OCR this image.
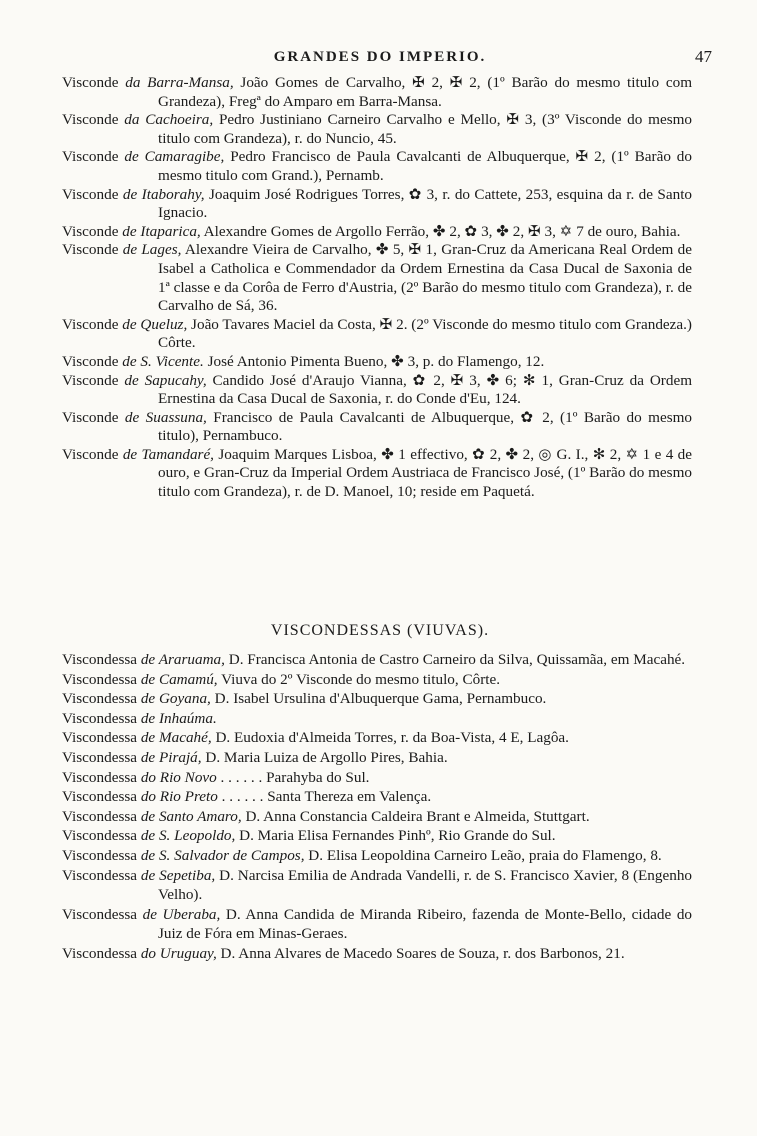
GRANDES DO IMPERIO.	47

Visconde da Barra-Mansa, João Gomes de Carvalho, ✠ 2, ✠ 2, (1º Barão do mesmo titulo com Grandeza), Fregª do Amparo em Barra-Mansa.

Visconde da Cachoeira, Pedro Justiniano Carneiro Carvalho e Mello, ✠ 3, (3º Visconde do mesmo titulo com Grandeza), r. do Nuncio, 45.

Visconde de Camaragibe, Pedro Francisco de Paula Cavalcanti de Albuquerque, ✠ 2, (1º Barão do mesmo titulo com Grand.), Pernamb.

Visconde de Itaborahy, Joaquim José Rodrigues Torres, ✿ 3, r. do Cattete, 253, esquina da r. de Santo Ignacio.

Visconde de Itaparica, Alexandre Gomes de Argollo Ferrão, ✤ 2, ✿ 3, ✤ 2, ✠ 3, ✡ 7 de ouro, Bahia.

Visconde de Lages, Alexandre Vieira de Carvalho, ✤ 5, ✠ 1, Gran-Cruz da Americana Real Ordem de Isabel a Catholica e Commendador da Ordem Ernestina da Casa Ducal de Saxonia de 1ª classe e da Corôa de Ferro d'Austria, (2º Barão do mesmo titulo com Grandeza), r. de Carvalho de Sá, 36.

Visconde de Queluz, João Tavares Maciel da Costa, ✠ 2. (2º Visconde do mesmo titulo com Grandeza.) Côrte.

Visconde de S. Vicente. José Antonio Pimenta Bueno, ✤ 3, p. do Flamengo, 12.

Visconde de Sapucahy, Candido José d'Araujo Vianna, ✿ 2, ✠ 3, ✤ 6; ✻ 1, Gran-Cruz da Ordem Ernestina da Casa Ducal de Saxonia, r. do Conde d'Eu, 124.

Visconde de Suassuna, Francisco de Paula Cavalcanti de Albuquerque, ✿ 2, (1º Barão do mesmo titulo), Pernambuco.

Visconde de Tamandaré, Joaquim Marques Lisboa, ✤ 1 effectivo, ✿ 2, ✤ 2, ◎ G. I., ✻ 2, ✡ 1 e 4 de ouro, e Gran-Cruz da Imperial Ordem Austriaca de Francisco José, (1º Barão do mesmo titulo com Grandeza), r. de D. Manoel, 10; reside em Paquetá.

VISCONDESSAS (VIUVAS).

Viscondessa de Araruama, D. Francisca Antonia de Castro Carneiro da Silva, Quissamãa, em Macahé.

Viscondessa de Camamú, Viuva do 2º Visconde do mesmo titulo, Côrte.

Viscondessa de Goyana, D. Isabel Ursulina d'Albuquerque Gama, Pernambuco.

Viscondessa de Inhaúma.

Viscondessa de Macahé, D. Eudoxia d'Almeida Torres, r. da Boa-Vista, 4 E, Lagôa.

Viscondessa de Pirajá, D. Maria Luiza de Argollo Pires, Bahia.

Viscondessa do Rio Novo . . . . . . Parahyba do Sul.

Viscondessa do Rio Preto . . . . . . Santa Thereza em Valença.

Viscondessa de Santo Amaro, D. Anna Constancia Caldeira Brant e Almeida, Stuttgart.

Viscondessa de S. Leopoldo, D. Maria Elisa Fernandes Pinhº, Rio Grande do Sul.

Viscondessa de S. Salvador de Campos, D. Elisa Leopoldina Carneiro Leão, praia do Flamengo, 8.

Viscondessa de Sepetiba, D. Narcisa Emilia de Andrada Vandelli, r. de S. Francisco Xavier, 8 (Engenho Velho).

Viscondessa de Uberaba, D. Anna Candida de Miranda Ribeiro, fazenda de Monte-Bello, cidade do Juiz de Fóra em Minas-Geraes.

Viscondessa do Uruguay, D. Anna Alvares de Macedo Soares de Souza, r. dos Barbonos, 21.
